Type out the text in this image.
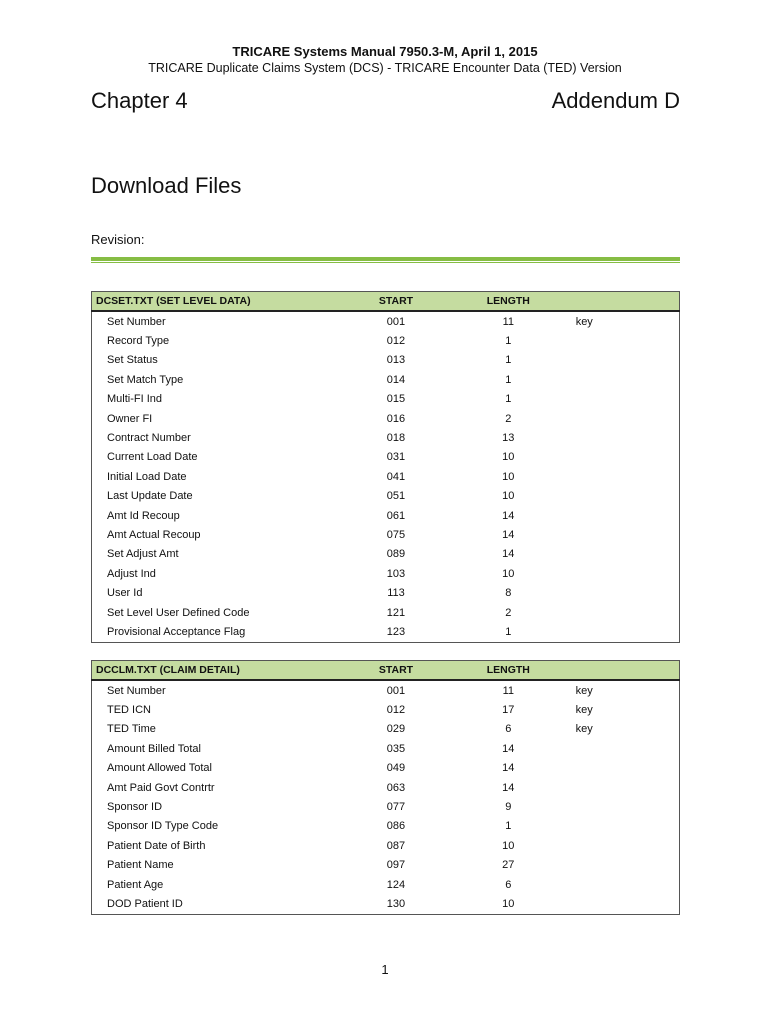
TRICARE Systems Manual 7950.3-M, April 1, 2015
TRICARE Duplicate Claims System (DCS) - TRICARE Encounter Data (TED) Version
Chapter 4	Addendum D
Download Files
Revision:
DCSET.TXT (SET LEVEL DATA)	START	LENGTH	
Set Number	001	11	key
Record Type	012	1	
Set Status	013	1	
Set Match Type	014	1	
Multi-FI Ind	015	1	
Owner FI	016	2	
Contract Number	018	13	
Current Load Date	031	10	
Initial Load Date	041	10	
Last Update Date	051	10	
Amt Id Recoup	061	14	
Amt Actual Recoup	075	14	
Set Adjust Amt	089	14	
Adjust Ind	103	10	
User Id	113	8	
Set Level User Defined Code	121	2	
Provisional Acceptance Flag	123	1	
DCCLM.TXT (CLAIM DETAIL)	START	LENGTH	
Set Number	001	11	key
TED ICN	012	17	key
TED Time	029	6	key
Amount Billed Total	035	14	
Amount Allowed Total	049	14	
Amt Paid Govt Contrtr	063	14	
Sponsor ID	077	9	
Sponsor ID Type Code	086	1	
Patient Date of Birth	087	10	
Patient Name	097	27	
Patient Age	124	6	
DOD Patient ID	130	10	
1
